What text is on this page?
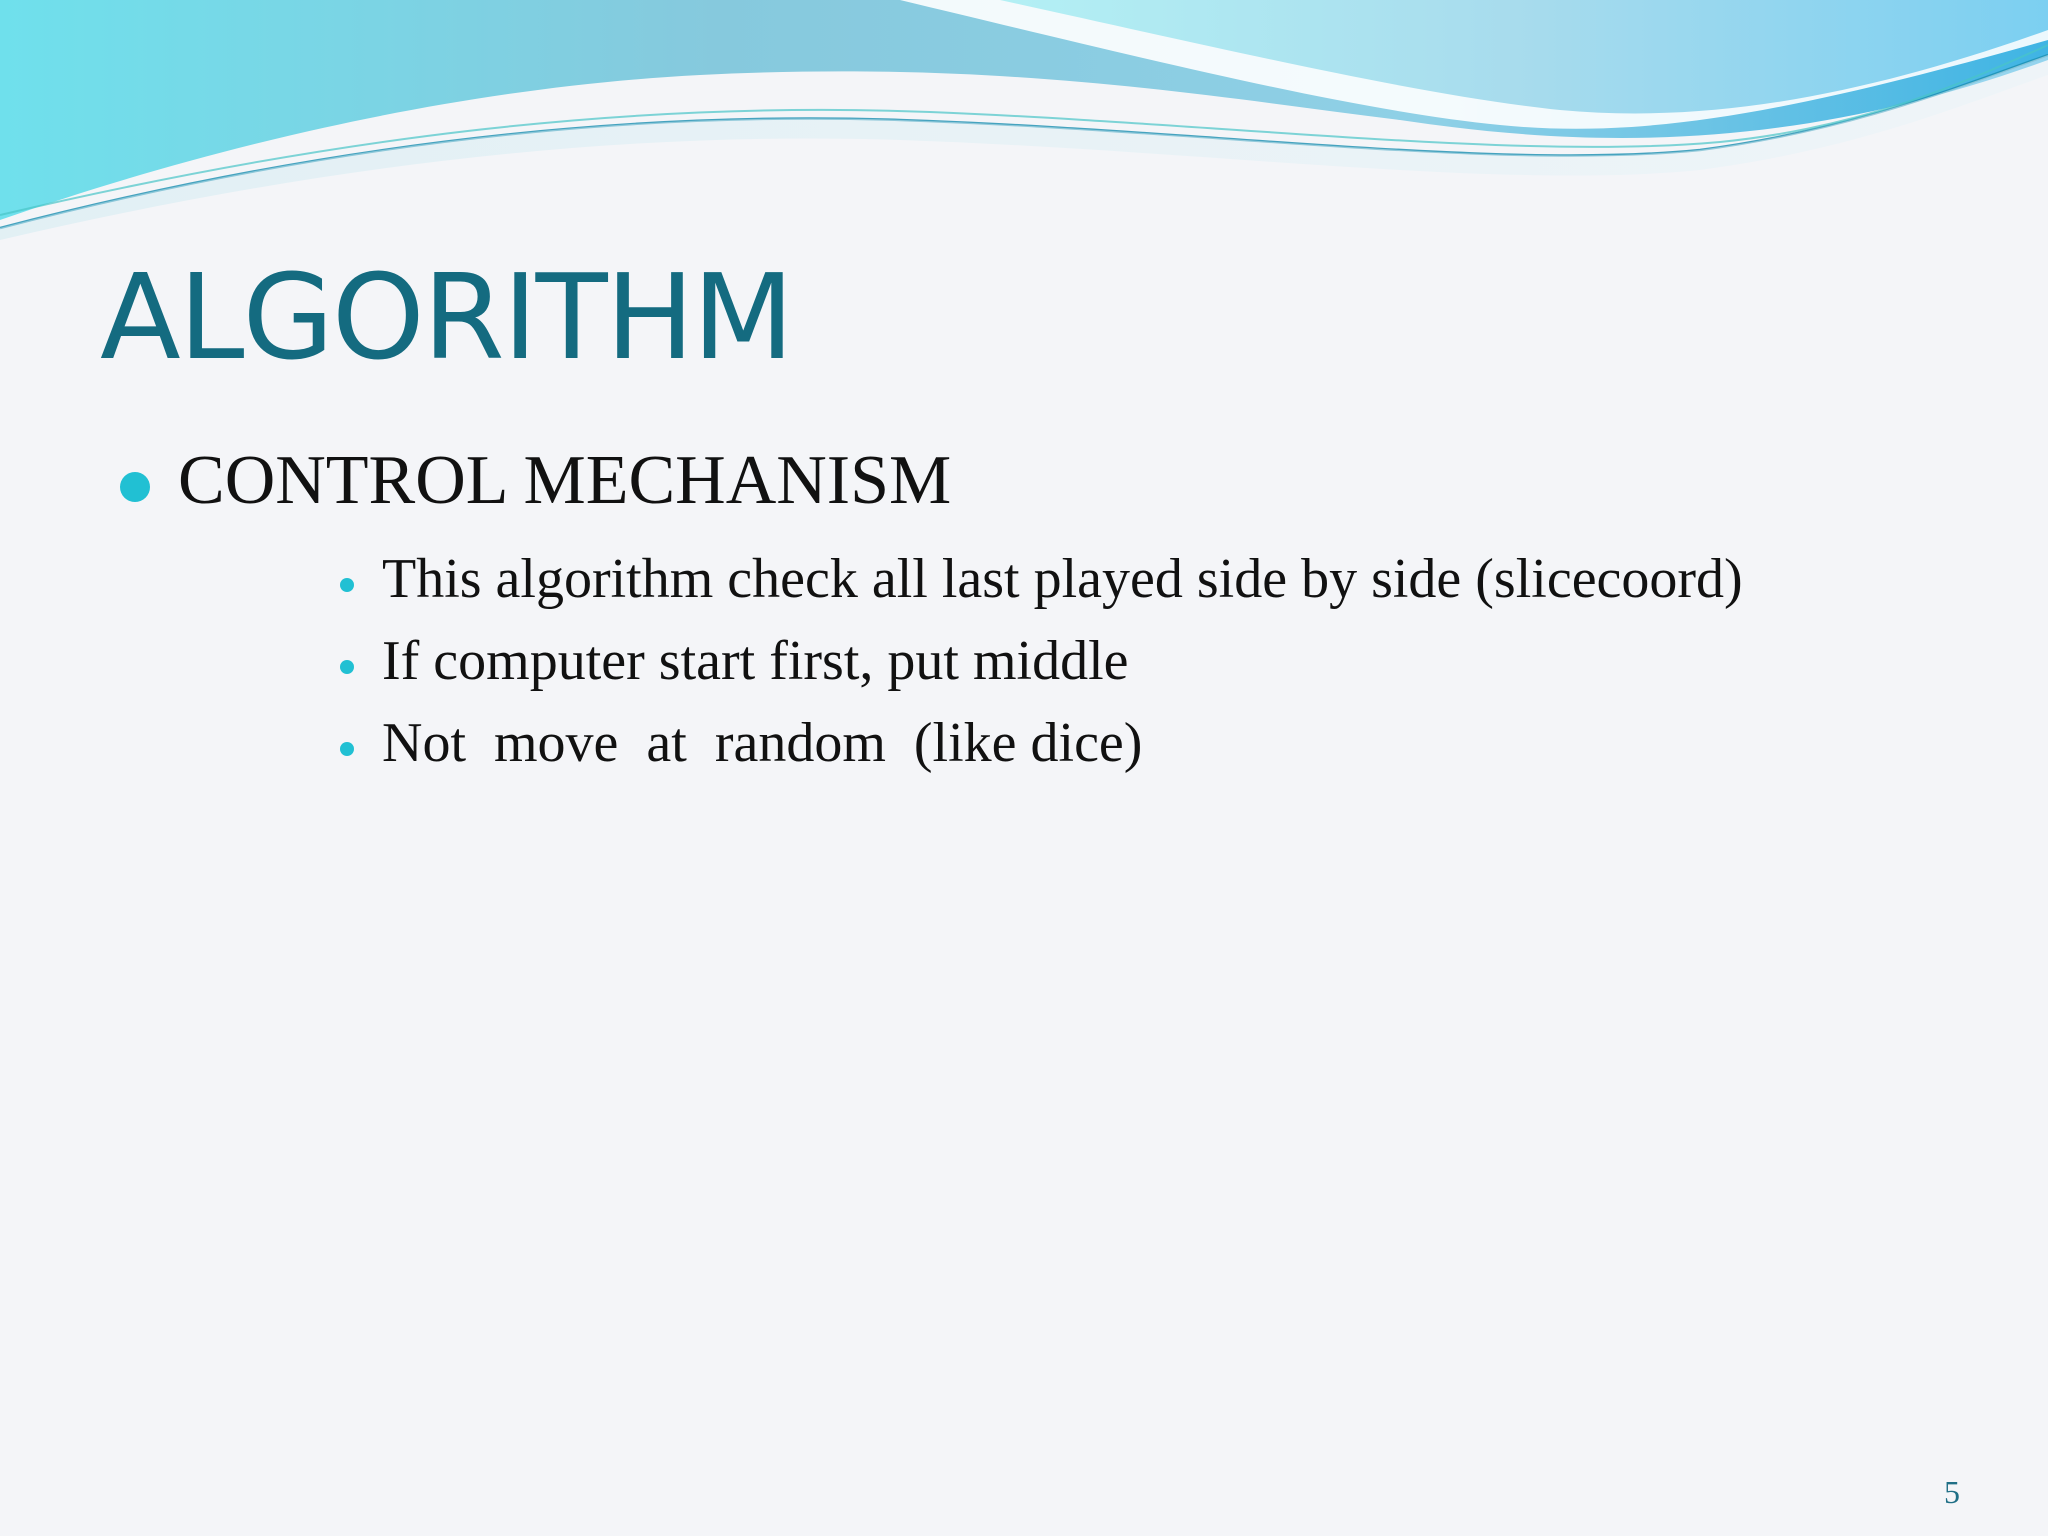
ALGORITHM
CONTROL MECHANISM
This algorithm check all last played side by side (slicecoord)
If computer start first, put middle
Not  move  at  random  (like dice)
5
